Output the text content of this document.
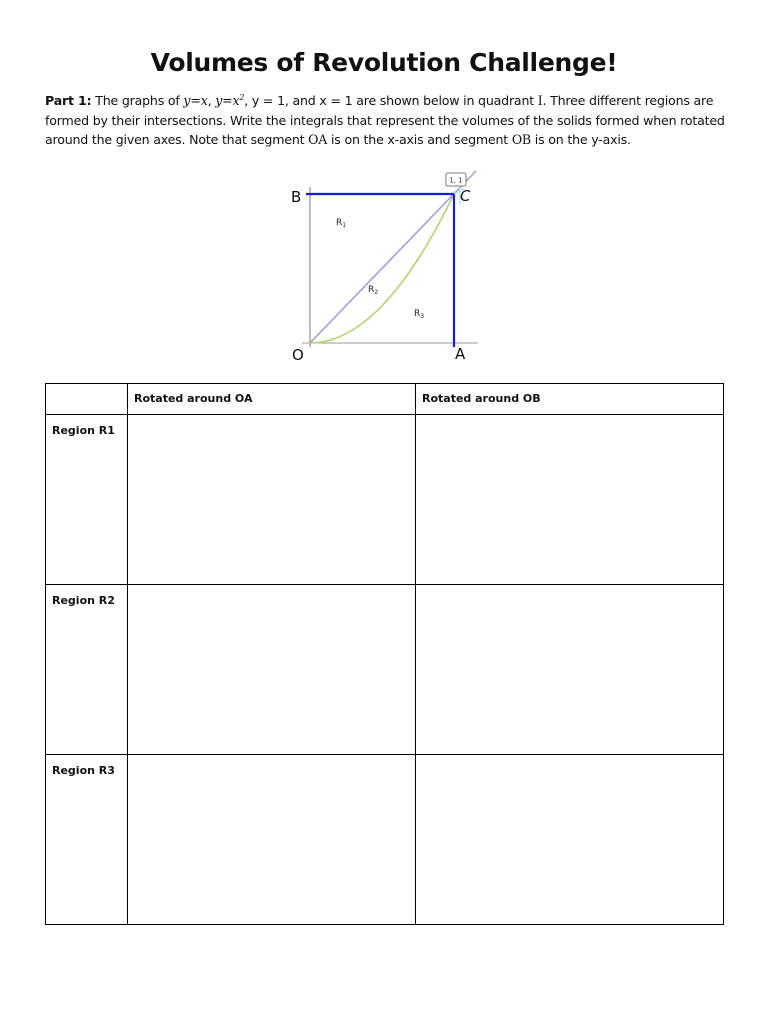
Volumes of Revolution Challenge!
Part 1: The graphs of y=x, $y=x^2$, y = 1, and x = 1 are shown below in quadrant I. Three different regions are formed by their intersections. Write the integrals that represent the volumes of the solids formed when rotated around the given axes. Note that segment OA is on the x-axis and segment OB is on the y-axis.
1, 1
B	C
O	A
$R_1$
$R_2$
$R_3$

	Rotated around OA	Rotated around OB

Region R1		

Region R2		

Region R3		
